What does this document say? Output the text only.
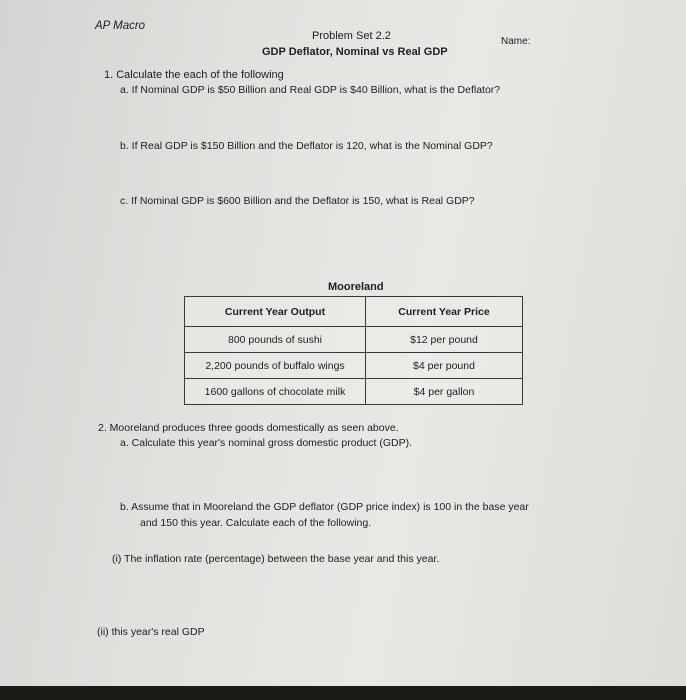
AP Macro
Problem Set 2.2	Name:
GDP Deflator, Nominal vs Real GDP
1. Calculate the each of the following
a. If Nominal GDP is $50 Billion and Real GDP is $40 Billion, what is the Deflator?
b. If Real GDP is $150 Billion and the Deflator is 120, what is the Nominal GDP?
c. If Nominal GDP is $600 Billion and the Deflator is 150, what is Real GDP?
Mooreland
Current Year Output	Current Year Price
800 pounds of sushi	$12 per pound
2,200 pounds of buffalo wings	$4 per pound
1600 gallons of chocolate milk	$4 per gallon
2. Mooreland produces three goods domestically as seen above.
a. Calculate this year's nominal gross domestic product (GDP).
b. Assume that in Mooreland the GDP deflator (GDP price index) is 100 in the base year
and 150 this year. Calculate each of the following.
(i) The inflation rate (percentage) between the base year and this year.
(ii) this year's real GDP
